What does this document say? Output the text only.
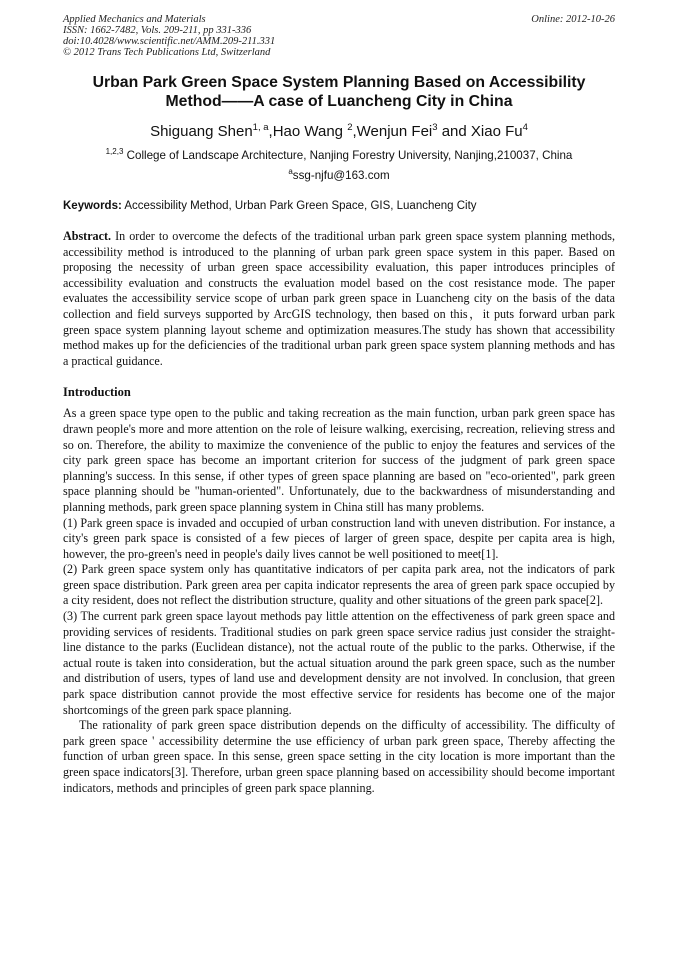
Applied Mechanics and Materials
ISSN: 1662-7482, Vols. 209-211, pp 331-336
doi:10.4028/www.scientific.net/AMM.209-211.331
© 2012 Trans Tech Publications Ltd, Switzerland
Online: 2012-10-26
Urban Park Green Space System Planning Based on Accessibility Method——A case of Luancheng City in China
Shiguang Shen$^{1, a}$,Hao Wang $^2$,Wenjun Fei$^3$ and Xiao Fu$^4$
$^{1,2,3}$ College of Landscape Architecture, Nanjing Forestry University, Nanjing,210037, China
$^a$ssg-njfu@163.com
Keywords: Accessibility Method, Urban Park Green Space, GIS, Luancheng City

Abstract. In order to overcome the defects of the traditional urban park green space system planning methods, accessibility method is introduced to the planning of urban park green space system in this paper. Based on proposing the necessity of urban green space accessibility evaluation, this paper introduces principles of accessibility evaluation and constructs the evaluation model based on the cost resistance mode. The paper evaluates the accessibility service scope of urban park green space in Luancheng city on the basis of the data collection and field surveys supported by ArcGIS technology, then based on this，it puts forward urban park green space system planning layout scheme and optimization measures.The study has shown that accessibility method makes up for the deficiencies of the traditional urban park green space system planning methods and has a practical guidance.

Introduction

As a green space type open to the public and taking recreation as the main function, urban park green space has drawn people's more and more attention on the role of leisure walking, exercising, recreation, relieving stress and so on. Therefore, the ability to maximize the convenience of the public to enjoy the features and services of the city park green space has become an important criterion for success of the judgment of park green space planning's success. In this sense, if other types of green space planning are based on "eco-oriented", park green space planning should be "human-oriented". Unfortunately, due to the backwardness of misunderstanding and planning methods, park green space planning system in China still has many problems.

(1) Park green space is invaded and occupied of urban construction land with uneven distribution. For instance, a city's green park space is consisted of a few pieces of larger of green space, despite per capita area is high, however, the pro-green's need in people's daily lives cannot be well positioned to meet[1].

(2) Park green space system only has quantitative indicators of per capita park area, not the indicators of park green space distribution. Park green area per capita indicator represents the area of green park space occupied by a city resident, does not reflect the distribution structure, quality and other situations of the green park space[2].

(3) The current park green space layout methods pay little attention on the effectiveness of park green space and providing services of residents. Traditional studies on park green space service radius just consider the straight-line distance to the parks (Euclidean distance), not the actual route of the public to the parks. Otherwise, if the actual route is taken into consideration, but the actual situation around the park green space, such as the number and distribution of users, types of land use and development density are not involved. In conclusion, that green park space distribution cannot provide the most effective service for residents has become one of the major shortcomings of the green park space planning.

The rationality of park green space distribution depends on the difficulty of accessibility. The difficulty of park green space ' accessibility determine the use efficiency of urban park green space, Thereby affecting the function of urban green space. In this sense, green space setting in the city location is more important than the green space indicators[3]. Therefore, urban green space planning based on accessibility should become important indicators, methods and principles of green park space planning.
